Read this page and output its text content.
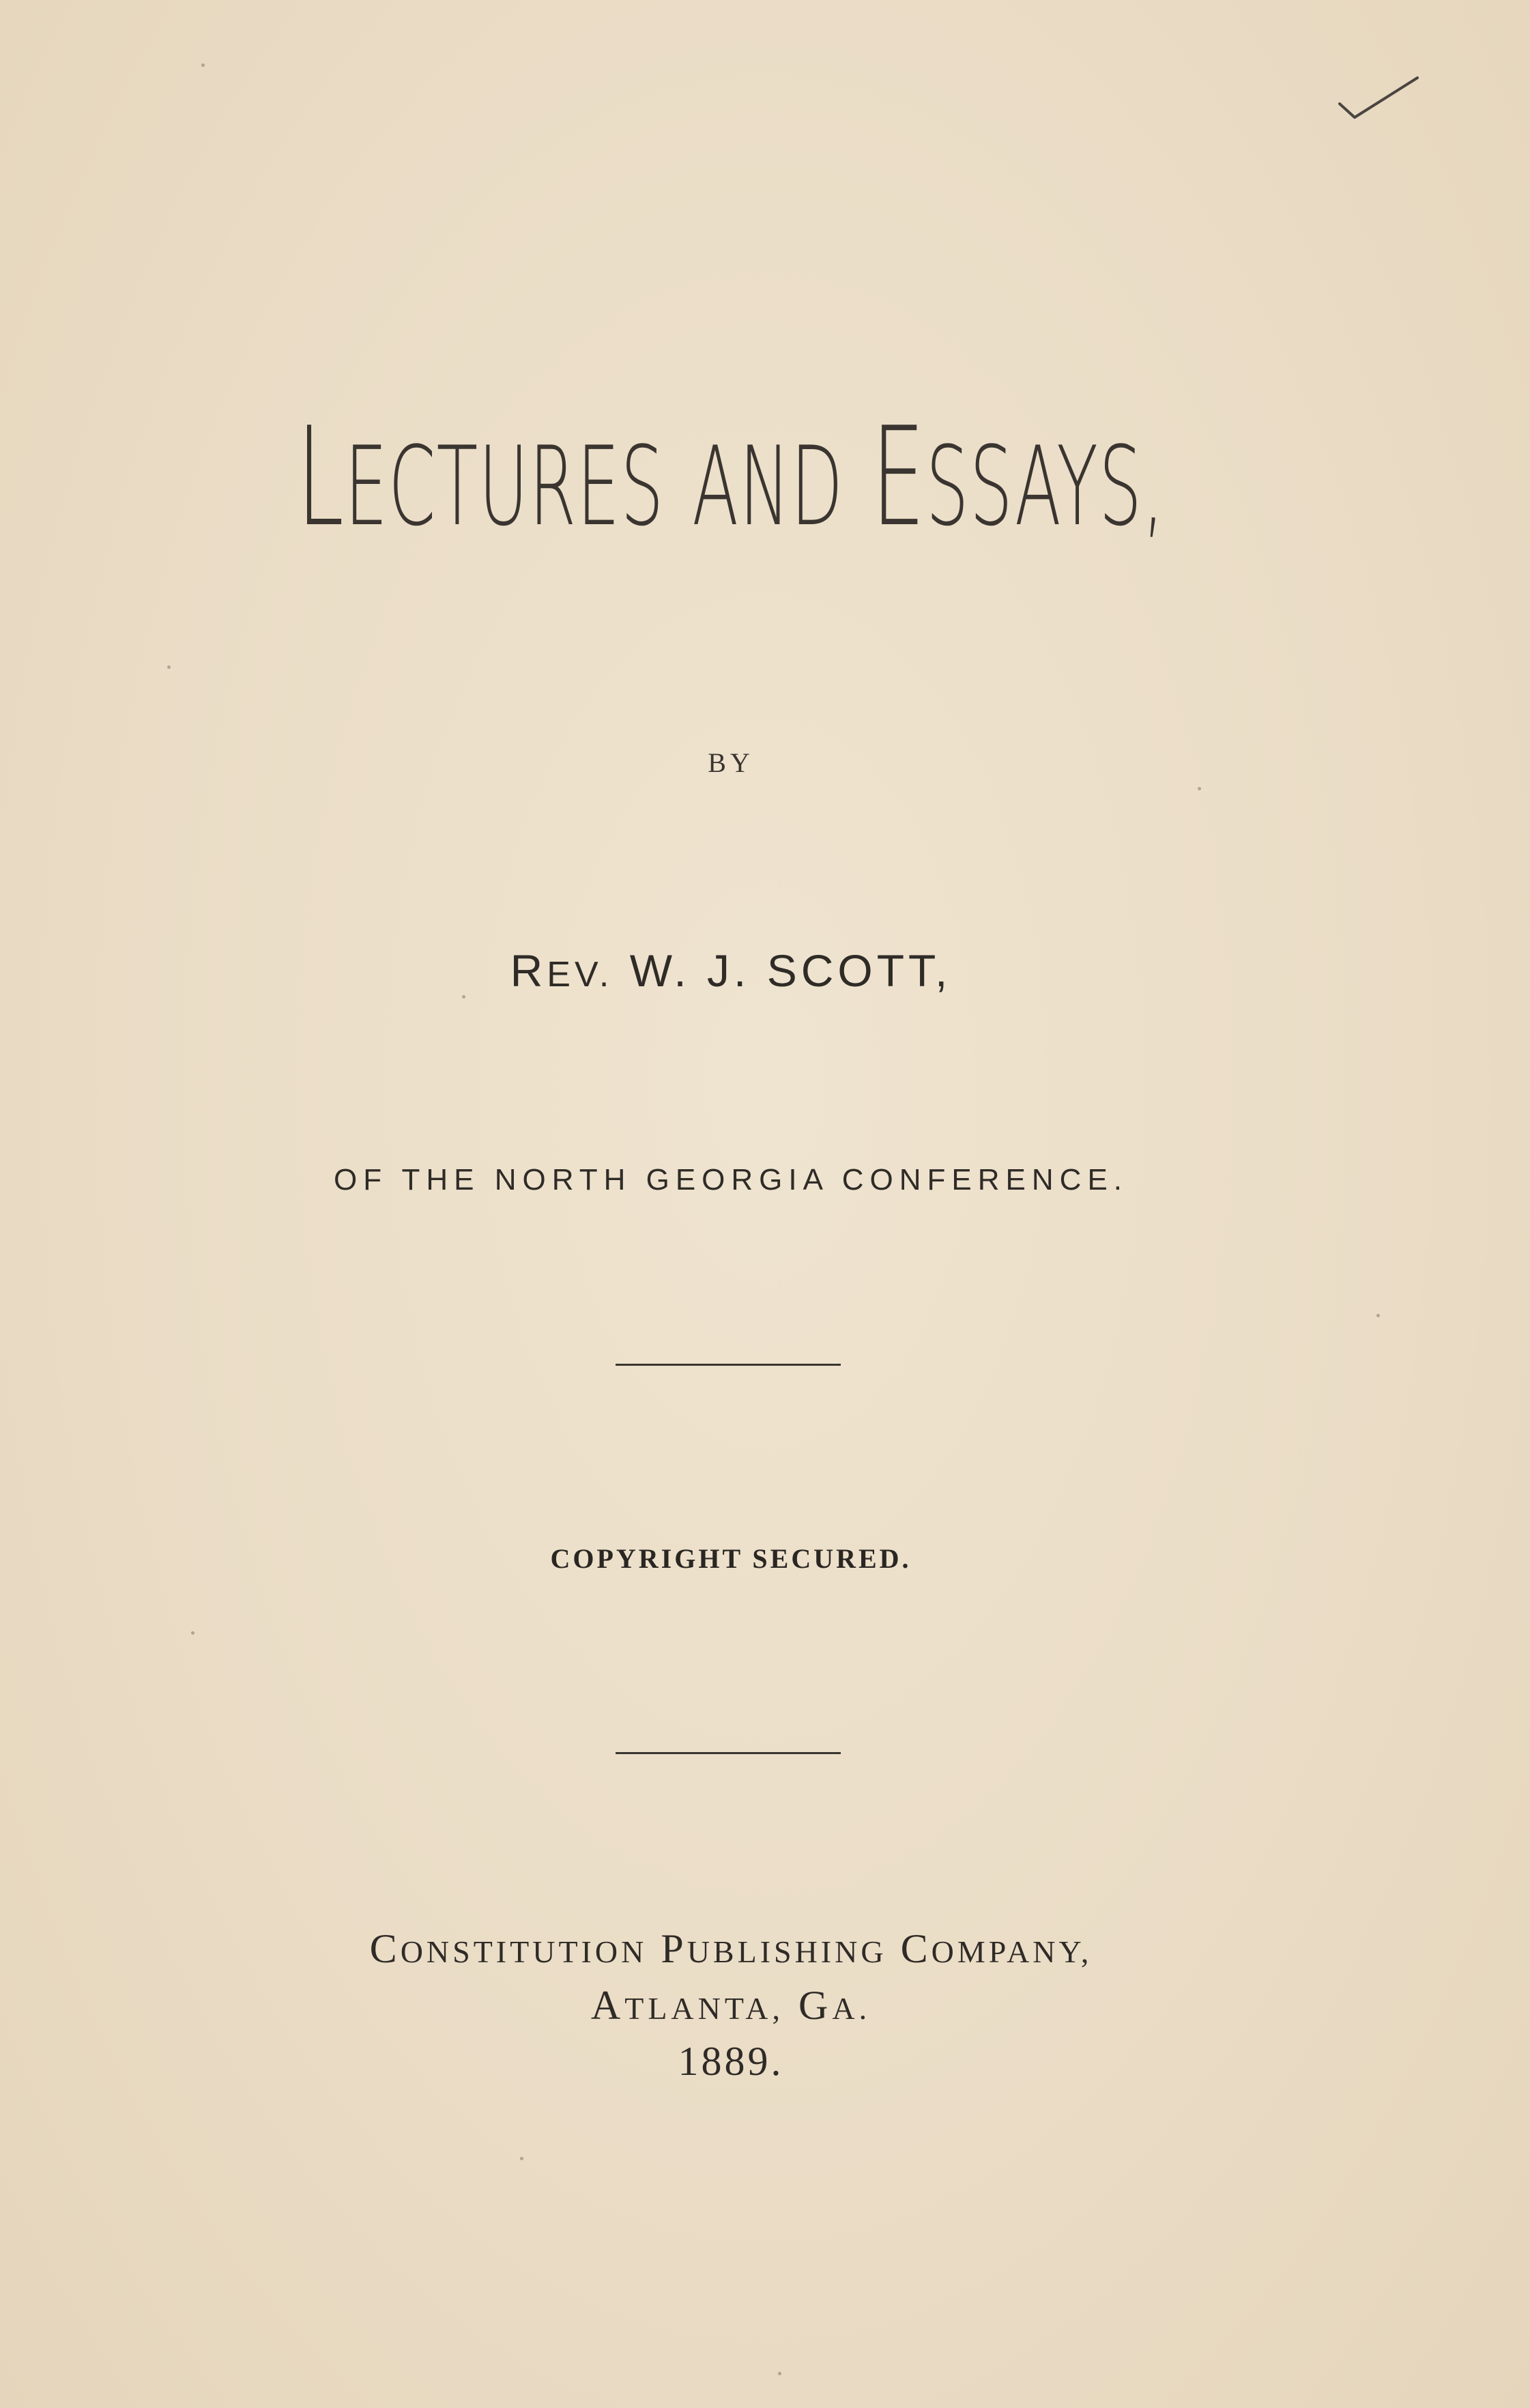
LECTURES AND ESSAYS,
BY
REV. W. J. SCOTT,
OF THE NORTH GEORGIA CONFERENCE.
COPYRIGHT SECURED.
CONSTITUTION PUBLISHING COMPANY,
ATLANTA, GA.
1889.
